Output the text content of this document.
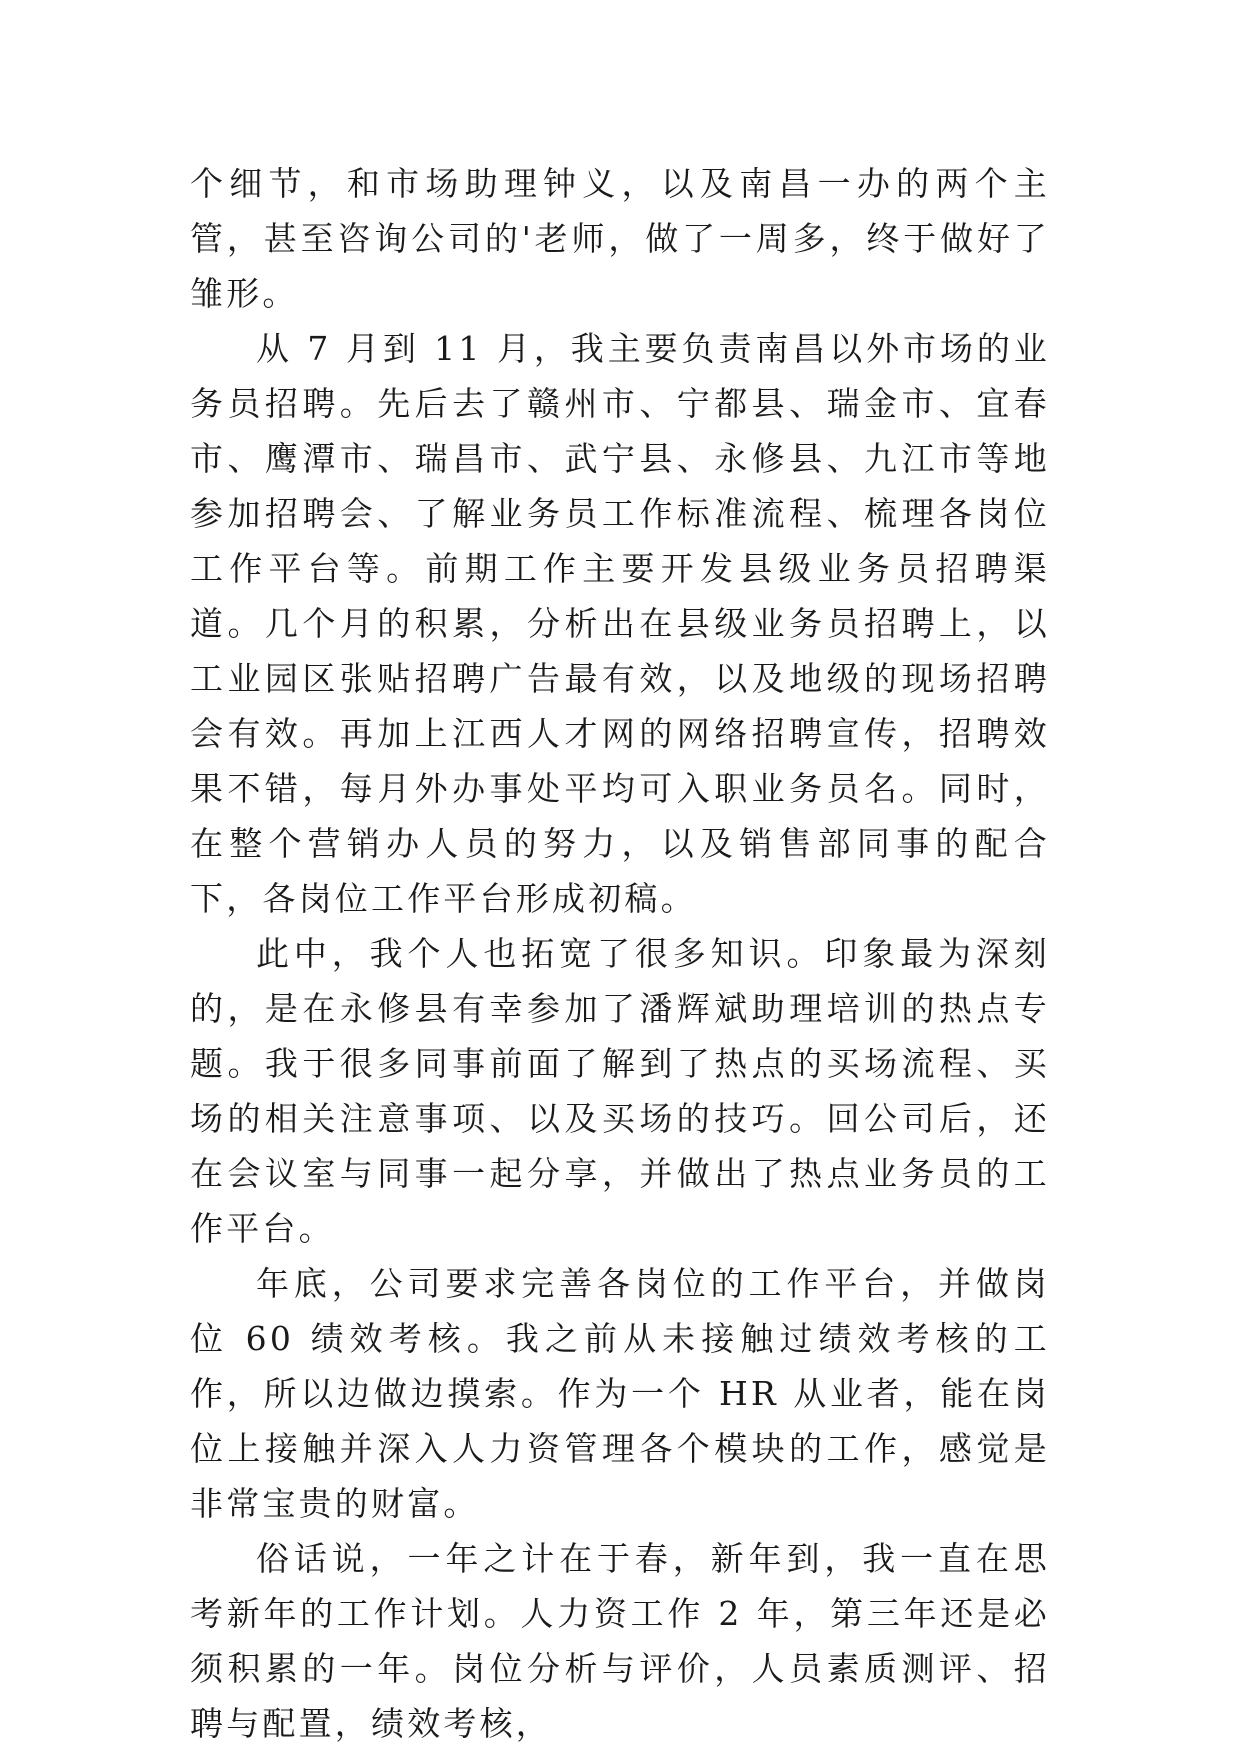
个细节，和市场助理钟义，以及南昌一办的两个主管，甚至咨询公司的'老师，做了一周多，终于做好了雏形。

从 7 月到 11 月，我主要负责南昌以外市场的业务员招聘。先后去了赣州市、宁都县、瑞金市、宜春市、鹰潭市、瑞昌市、武宁县、永修县、九江市等地参加招聘会、了解业务员工作标准流程、梳理各岗位工作平台等。前期工作主要开发县级业务员招聘渠道。几个月的积累，分析出在县级业务员招聘上，以工业园区张贴招聘广告最有效，以及地级的现场招聘会有效。再加上江西人才网的网络招聘宣传，招聘效果不错，每月外办事处平均可入职业务员名。同时，在整个营销办人员的努力，以及销售部同事的配合下，各岗位工作平台形成初稿。

此中，我个人也拓宽了很多知识。印象最为深刻的，是在永修县有幸参加了潘辉斌助理培训的热点专题。我于很多同事前面了解到了热点的买场流程、买场的相关注意事项、以及买场的技巧。回公司后，还在会议室与同事一起分享，并做出了热点业务员的工作平台。

年底，公司要求完善各岗位的工作平台，并做岗位 60 绩效考核。我之前从未接触过绩效考核的工作，所以边做边摸索。作为一个 HR 从业者，能在岗位上接触并深入人力资管理各个模块的工作，感觉是非常宝贵的财富。

俗话说，一年之计在于春，新年到，我一直在思考新年的工作计划。人力资工作 2 年，第三年还是必须积累的一年。岗位分析与评价，人员素质测评、招聘与配置，绩效考核，
